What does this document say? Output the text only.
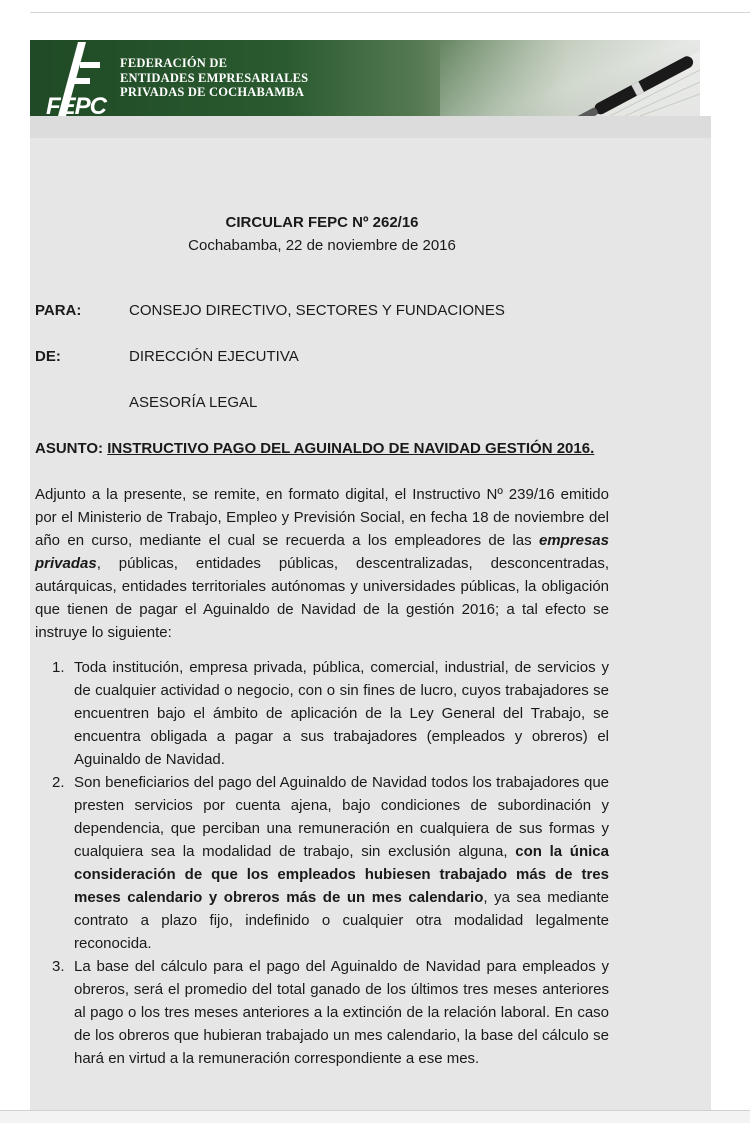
FEPC
FEDERACIÓN DE
ENTIDADES EMPRESARIALES
PRIVADAS DE COCHABAMBA
CIRCULAR FEPC Nº 262/16
Cochabamba, 22 de noviembre de 2016
PARA:	CONSEJO DIRECTIVO, SECTORES Y FUNDACIONES
DE:	DIRECCIÓN EJECUTIVA
ASESORÍA LEGAL
ASUNTO: INSTRUCTIVO PAGO DEL AGUINALDO DE NAVIDAD GESTIÓN 2016.
Adjunto a la presente, se remite, en formato digital, el Instructivo Nº 239/16 emitido por el Ministerio de Trabajo, Empleo y Previsión Social, en fecha 18 de noviembre del año en curso, mediante el cual se recuerda a los empleadores de las empresas privadas, públicas, entidades públicas, descentralizadas, desconcentradas, autárquicas, entidades territoriales autónomas y universidades públicas, la obligación que tienen de pagar el Aguinaldo de Navidad de la gestión 2016; a tal efecto se instruye lo siguiente:
1. Toda institución, empresa privada, pública, comercial, industrial, de servicios y de cualquier actividad o negocio, con o sin fines de lucro, cuyos trabajadores se encuentren bajo el ámbito de aplicación de la Ley General del Trabajo, se encuentra obligada a pagar a sus trabajadores (empleados y obreros) el Aguinaldo de Navidad.
2. Son beneficiarios del pago del Aguinaldo de Navidad todos los trabajadores que presten servicios por cuenta ajena, bajo condiciones de subordinación y dependencia, que perciban una remuneración en cualquiera de sus formas y cualquiera sea la modalidad de trabajo, sin exclusión alguna, con la única consideración de que los empleados hubiesen trabajado más de tres meses calendario y obreros más de un mes calendario, ya sea mediante contrato a plazo fijo, indefinido o cualquier otra modalidad legalmente reconocida.
3. La base del cálculo para el pago del Aguinaldo de Navidad para empleados y obreros, será el promedio del total ganado de los últimos tres meses anteriores al pago o los tres meses anteriores a la extinción de la relación laboral. En caso de los obreros que hubieran trabajado un mes calendario, la base del cálculo se hará en virtud a la remuneración correspondiente a ese mes.
